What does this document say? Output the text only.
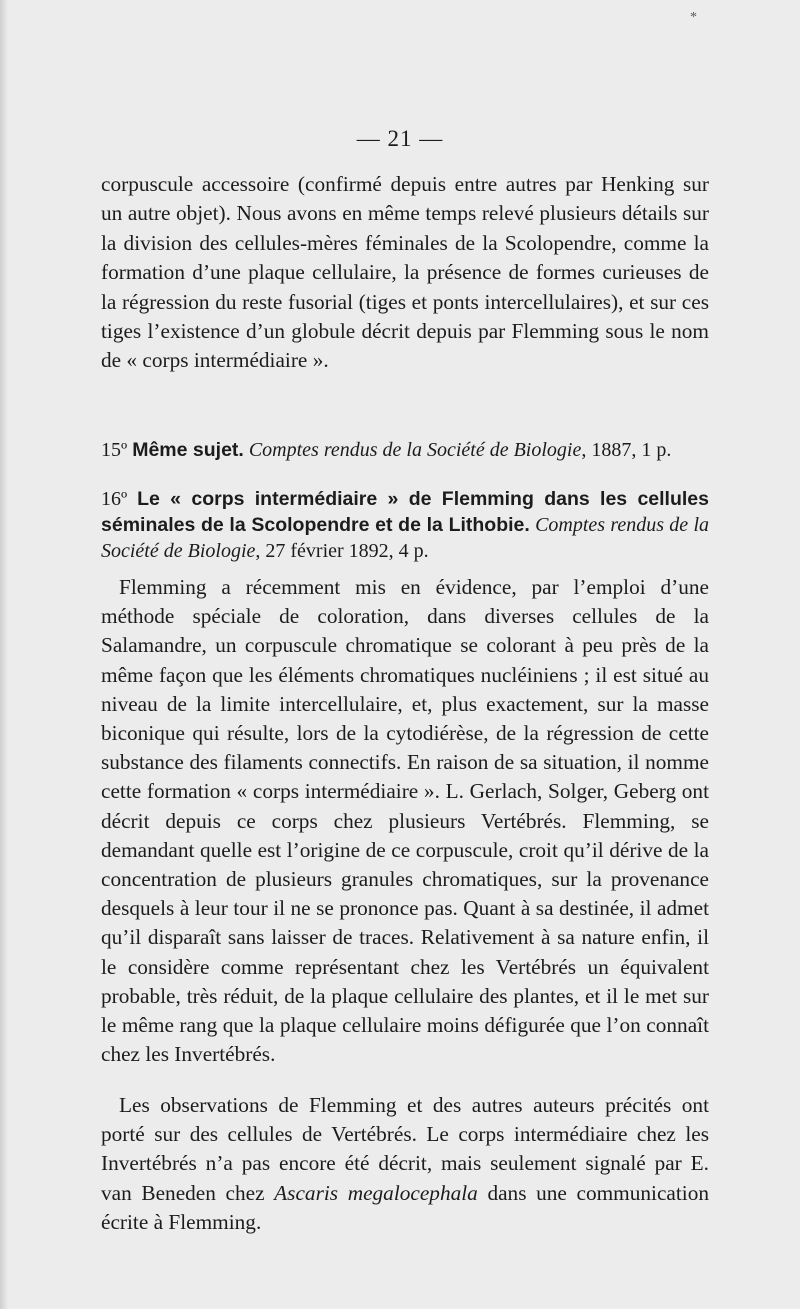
*
— 21 —

corpuscule accessoire (confirmé depuis entre autres par Henking sur un autre objet). Nous avons en même temps relevé plusieurs détails sur la division des cellules-mères féminales de la Scolopendre, comme la formation d’une plaque cellulaire, la présence de formes curieuses de la régression du reste fusorial (tiges et ponts intercellulaires), et sur ces tiges l’existence d’un globule décrit depuis par Flemming sous le nom de « corps intermédiaire ».

15º Même sujet. Comptes rendus de la Société de Biologie, 1887, 1 p.

16º Le « corps intermédiaire » de Flemming dans les cellules séminales de la Scolopendre et de la Lithobie. Comptes rendus de la Société de Biologie, 27 février 1892, 4 p.

Flemming a récemment mis en évidence, par l’emploi d’une méthode spéciale de coloration, dans diverses cellules de la Salamandre, un corpuscule chromatique se colorant à peu près de la même façon que les éléments chromatiques nucléiniens ; il est situé au niveau de la limite intercellulaire, et, plus exactement, sur la masse biconique qui résulte, lors de la cytodiérèse, de la régression de cette substance des filaments connectifs. En raison de sa situation, il nomme cette formation « corps intermédiaire ». L. Gerlach, Solger, Geberg ont décrit depuis ce corps chez plusieurs Vertébrés. Flemming, se demandant quelle est l’origine de ce corpuscule, croit qu’il dérive de la concentration de plusieurs granules chromatiques, sur la provenance desquels à leur tour il ne se prononce pas. Quant à sa destinée, il admet qu’il disparaît sans laisser de traces. Relativement à sa nature enfin, il le considère comme représentant chez les Vertébrés un équivalent probable, très réduit, de la plaque cellulaire des plantes, et il le met sur le même rang que la plaque cellulaire moins défigurée que l’on connaît chez les Invertébrés.

Les observations de Flemming et des autres auteurs précités ont porté sur des cellules de Vertébrés. Le corps intermédiaire chez les Invertébrés n’a pas encore été décrit, mais seulement signalé par E. van Beneden chez Ascaris megalocephala dans une communication écrite à Flemming.
